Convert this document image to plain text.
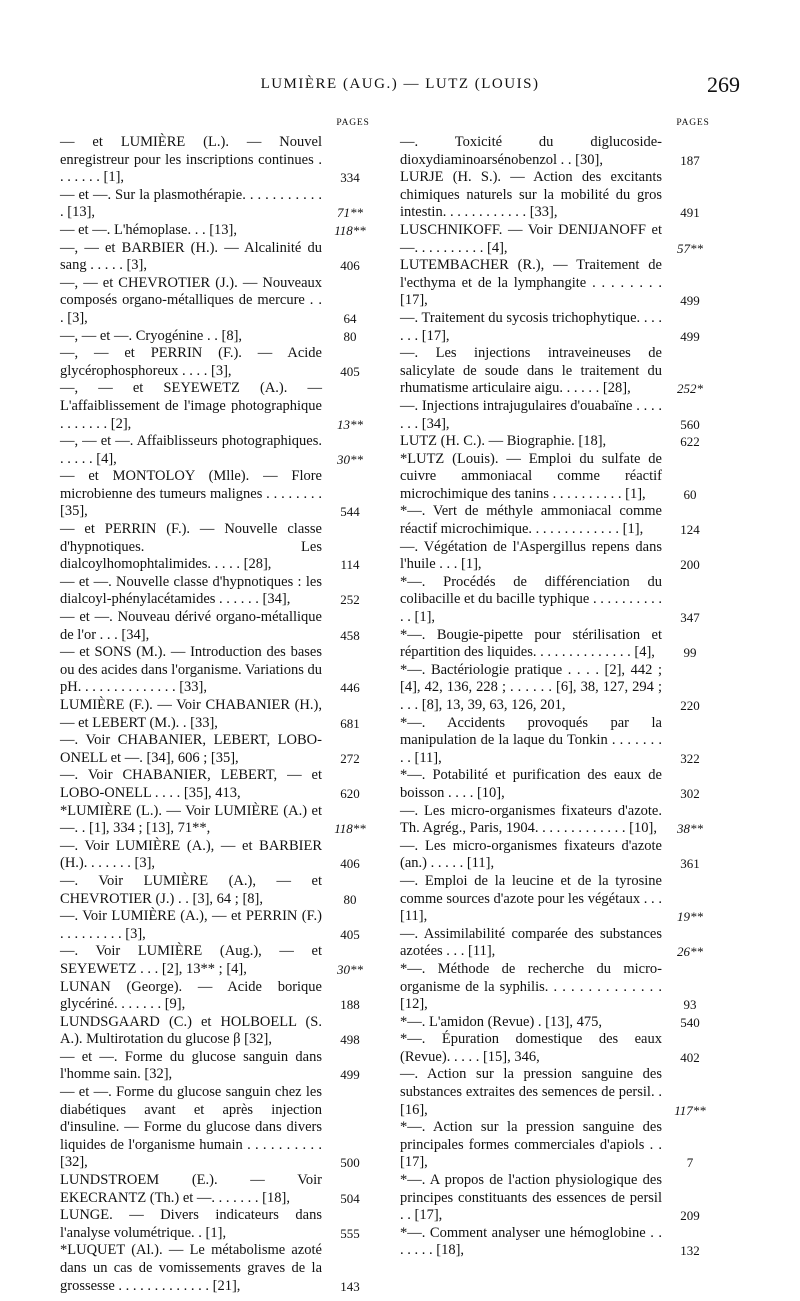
LUMIÈRE (AUG.) — LUTZ (LOUIS)	269
PAGES
— et LUMIÈRE (L.). — Nouvel enregistreur pour les inscriptions continues . . . . . . . [1],	334
— et —. Sur la plasmothérapie. . . . . . . . . . . . [13],	71**
— et —. L'hémoplase. . . [13],	118**
—, — et BARBIER (H.). — Alcalinité du sang . . . . . [3],	406
—, — et CHEVROTIER (J.). — Nouveaux composés organo-métalliques de mercure . . . [3],	64
—, — et —. Cryogénine . . [8],	80
—, — et PERRIN (F.). — Acide glycérophosphoreux . . . . [3],	405
—, — et SEYEWETZ (A.). — L'affaiblissement de l'image photographique . . . . . . . [2],	13**
—, — et —. Affaiblisseurs photographiques. . . . . . [4],	30**
— et MONTOLOY (Mlle). — Flore microbienne des tumeurs malignes . . . . . . . . [35],	544
— et PERRIN (F.). — Nouvelle classe d'hypnotiques. Les dialcoylhomophtalimides. . . . . [28],	114
— et —. Nouvelle classe d'hypnotiques : les dialcoyl-phénylacétamides . . . . . . [34],	252
— et —. Nouveau dérivé organo-métallique de l'or . . . [34],	458
— et SONS (M.). — Introduction des bases ou des acides dans l'organisme. Variations du pH. . . . . . . . . . . . . . [33],	446
LUMIÈRE (F.). — Voir CHABANIER (H.), — et LEBERT (M.). . [33],	681
—. Voir CHABANIER, LEBERT, LOBO-ONELL et —. [34], 606 ; [35],	272
—. Voir CHABANIER, LEBERT, — et LOBO-ONELL . . . . [35], 413,	620
*LUMIÈRE (L.). — Voir LUMIÈRE (A.) et —. . [1], 334 ; [13], 71**,	118**
—. Voir LUMIÈRE (A.), — et BARBIER (H.). . . . . . . [3],	406
—. Voir LUMIÈRE (A.), — et CHEVROTIER (J.) . . [3], 64 ; [8],	80
—. Voir LUMIÈRE (A.), — et PERRIN (F.) . . . . . . . . . [3],	405
—. Voir LUMIÈRE (Aug.), — et SEYEWETZ . . . [2], 13** ; [4],	30**
LUNAN (George). — Acide borique glycériné. . . . . . . [9],	188
LUNDSGAARD (C.) et HOLBOELL (S. A.). Multirotation du glucose β [32],	498
— et —. Forme du glucose sanguin dans l'homme sain. [32],	499
— et —. Forme du glucose sanguin chez les diabétiques avant et après injection d'insuline. — Forme du glucose dans divers liquides de l'organisme humain . . . . . . . . . . [32],	500
LUNDSTROEM (E.). — Voir EKECRANTZ (Th.) et —. . . . . . . [18],	504
LUNGE. — Divers indicateurs dans l'analyse volumétrique. . [1],	555
*LUQUET (Al.). — Le métabolisme azoté dans un cas de vomissements graves de la grossesse . . . . . . . . . . . . . [21],	143
PAGES
—. Toxicité du diglucoside-dioxydiaminoarsénobenzol . . [30],	187
LURJE (H. S.). — Action des excitants chimiques naturels sur la mobilité du gros intestin. . . . . . . . . . . . [33],	491
LUSCHNIKOFF. — Voir DENIJANOFF et —. . . . . . . . . . [4],	57**
LUTEMBACHER (R.), — Traitement de l'ecthyma et de la lymphangite . . . . . . . . [17],	499
—. Traitement du sycosis trichophytique. . . . . . . [17],	499
—. Les injections intraveineuses de salicylate de soude dans le traitement du rhumatisme articulaire aigu. . . . . . [28],	252*
—. Injections intrajugulaires d'ouabaïne . . . . . . . [34],	560
LUTZ (H. C.). — Biographie. [18],	622
*LUTZ (Louis). — Emploi du sulfate de cuivre ammoniacal comme réactif microchimique des tanins . . . . . . . . . . [1],	60
*—. Vert de méthyle ammoniacal comme réactif microchimique. . . . . . . . . . . . . [1],	124
—. Végétation de l'Aspergillus repens dans l'huile . . . [1],	200
*—. Procédés de différenciation du colibacille et du bacille typhique . . . . . . . . . . . . [1],	347
*—. Bougie-pipette pour stérilisation et répartition des liquides. . . . . . . . . . . . . . [4],	99
*—. Bactériologie pratique . . . . [2], 442 ; [4], 42, 136, 228 ; . . . . . . [6], 38, 127, 294 ; . . . [8], 13, 39, 63, 126, 201,	220
*—. Accidents provoqués par la manipulation de la laque du Tonkin . . . . . . . . . [11],	322
*—. Potabilité et purification des eaux de boisson . . . . [10],	302
—. Les micro-organismes fixateurs d'azote. Th. Agrég., Paris, 1904. . . . . . . . . . . . . [10],	38**
—. Les micro-organismes fixateurs d'azote (an.) . . . . . [11],	361
—. Emploi de la leucine et de la tyrosine comme sources d'azote pour les végétaux . . . [11],	19**
—. Assimilabilité comparée des substances azotées . . . [11],	26**
*—. Méthode de recherche du micro-organisme de la syphilis. . . . . . . . . . . . . . [12],	93
*—. L'amidon (Revue) . [13], 475,	540
*—. Épuration domestique des eaux (Revue). . . . . [15], 346,	402
—. Action sur la pression sanguine des substances extraites des semences de persil. . [16],	117**
*—. Action sur la pression sanguine des principales formes commerciales d'apiols . . [17],	7
*—. A propos de l'action physiologique des principes constituants des essences de persil . . [17],	209
*—. Comment analyser une hémoglobine . . . . . . . [18],	132
